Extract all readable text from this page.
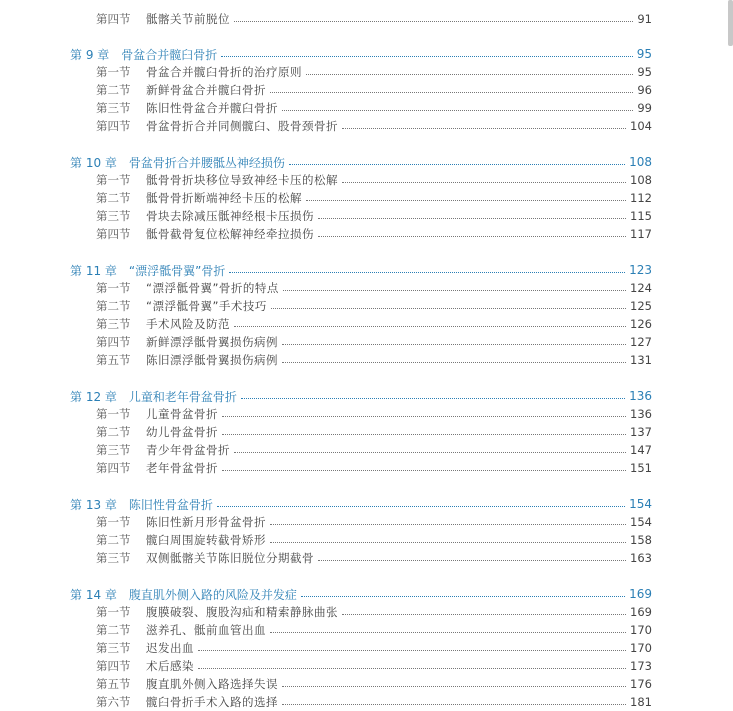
第四节	骶髂关节前脱位	91
第 9 章 骨盆合并髋臼骨折	95
第一节	骨盆合并髋臼骨折的治疗原则	95
第二节	新鲜骨盆合并髋臼骨折	96
第三节	陈旧性骨盆合并髋臼骨折	99
第四节	骨盆骨折合并同侧髋臼、股骨颈骨折	104
第 10 章 骨盆骨折合并腰骶丛神经损伤	108
第一节	骶骨骨折块移位导致神经卡压的松解	108
第二节	骶骨骨折断端神经卡压的松解	112
第三节	骨块去除减压骶神经根卡压损伤	115
第四节	骶骨截骨复位松解神经牵拉损伤	117
第 11 章 “漂浮骶骨翼”骨折	123
第一节	“漂浮骶骨翼”骨折的特点	124
第二节	“漂浮骶骨翼”手术技巧	125
第三节	手术风险及防范	126
第四节	新鲜漂浮骶骨翼损伤病例	127
第五节	陈旧漂浮骶骨翼损伤病例	131
第 12 章 儿童和老年骨盆骨折	136
第一节	儿童骨盆骨折	136
第二节	幼儿骨盆骨折	137
第三节	青少年骨盆骨折	147
第四节	老年骨盆骨折	151
第 13 章 陈旧性骨盆骨折	154
第一节	陈旧性新月形骨盆骨折	154
第二节	髋臼周围旋转截骨矫形	158
第三节	双侧骶髂关节陈旧脱位分期截骨	163
第 14 章 腹直肌外侧入路的风险及并发症	169
第一节	腹膜破裂、腹股沟疝和精索静脉曲张	169
第二节	滋养孔、骶前血管出血	170
第三节	迟发出血	170
第四节	术后感染	173
第五节	腹直肌外侧入路选择失误	176
第六节	髋臼骨折手术入路的选择	181
